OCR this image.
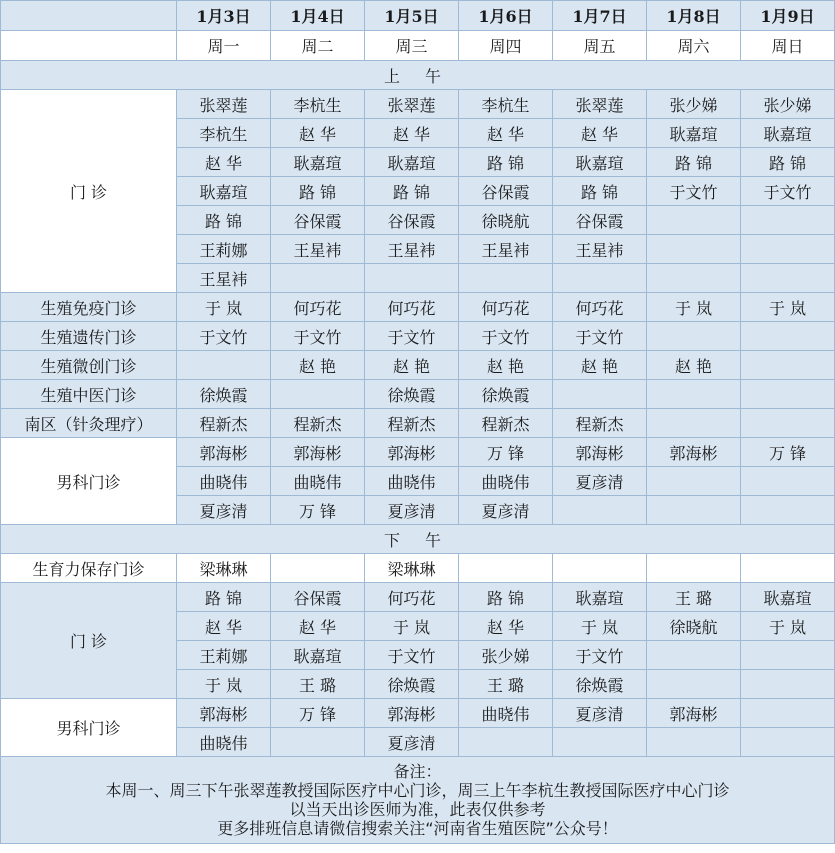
	1月3日	1月4日	1月5日	1月6日	1月7日	1月8日	1月9日
	周一	周二	周三	周四	周五	周六	周日
上 午							
门 诊	张翠莲	李杭生	张翠莲	李杭生	张翠莲	张少娣	张少娣
	李杭生	赵 华	赵 华	赵 华	赵 华	耿嘉瑄	耿嘉瑄
	赵 华	耿嘉瑄	耿嘉瑄	路 锦	耿嘉瑄	路 锦	路 锦
	耿嘉瑄	路 锦	路 锦	谷保霞	路 锦	于文竹	于文竹
	路 锦	谷保霞	谷保霞	徐晓航	谷保霞		
	王莉娜	王星袆	王星袆	王星袆	王星袆		
	王星袆						
生殖免疫门诊	于 岚	何巧花	何巧花	何巧花	何巧花	于 岚	于 岚
生殖遗传门诊	于文竹	于文竹	于文竹	于文竹	于文竹		
生殖微创门诊		赵 艳	赵 艳	赵 艳	赵 艳	赵 艳	
生殖中医门诊	徐焕霞		徐焕霞	徐焕霞			
南区（针灸理疗）	程新杰	程新杰	程新杰	程新杰	程新杰		
男科门诊	郭海彬	郭海彬	郭海彬	万 锋	郭海彬	郭海彬	万 锋
	曲晓伟	曲晓伟	曲晓伟	曲晓伟	夏彦清		
	夏彦清	万 锋	夏彦清	夏彦清			
下 午							
生育力保存门诊	梁琳琳		梁琳琳				
门 诊	路 锦	谷保霞	何巧花	路 锦	耿嘉瑄	王 璐	耿嘉瑄
	赵 华	赵 华	于 岚	赵 华	于 岚	徐晓航	于 岚
	王莉娜	耿嘉瑄	于文竹	张少娣	于文竹		
	于 岚	王 璐	徐焕霞	王 璐	徐焕霞		
男科门诊	郭海彬	万 锋	郭海彬	曲晓伟	夏彦清	郭海彬	
	曲晓伟		夏彦清				

备注：
本周一、周三下午张翠莲教授国际医疗中心门诊，周三上午李杭生教授国际医疗中心门诊
以当天出诊医师为准，此表仅供参考
更多排班信息请微信搜索关注“河南省生殖医院”公众号！							
